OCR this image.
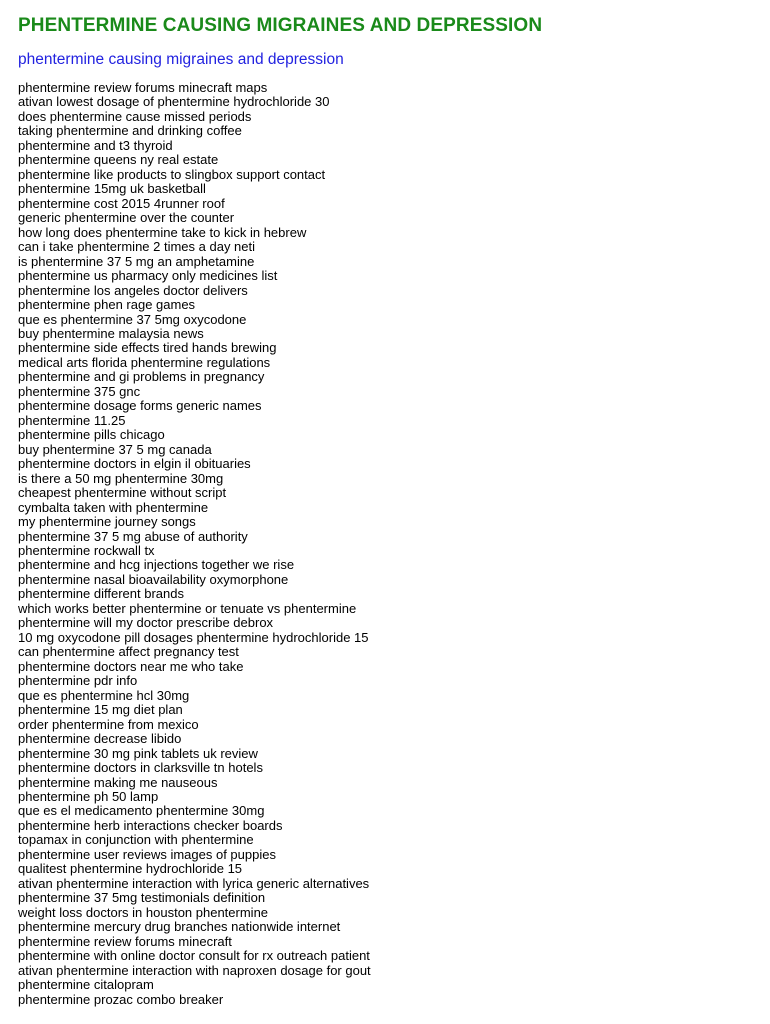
PHENTERMINE CAUSING MIGRAINES AND DEPRESSION
phentermine causing migraines and depression
phentermine review forums minecraft maps
ativan lowest dosage of phentermine hydrochloride 30
does phentermine cause missed periods
taking phentermine and drinking coffee
phentermine and t3 thyroid
phentermine queens ny real estate
phentermine like products to slingbox support contact
phentermine 15mg uk basketball
phentermine cost 2015 4runner roof
generic phentermine over the counter
how long does phentermine take to kick in hebrew
can i take phentermine 2 times a day neti
is phentermine 37 5 mg an amphetamine
phentermine us pharmacy only medicines list
phentermine los angeles doctor delivers
phentermine phen rage games
que es phentermine 37 5mg oxycodone
buy phentermine malaysia news
phentermine side effects tired hands brewing
medical arts florida phentermine regulations
phentermine and gi problems in pregnancy
phentermine 375 gnc
phentermine dosage forms generic names
phentermine 11.25
phentermine pills chicago
buy phentermine 37 5 mg canada
phentermine doctors in elgin il obituaries
is there a 50 mg phentermine 30mg
cheapest phentermine without script
cymbalta taken with phentermine
my phentermine journey songs
phentermine 37 5 mg abuse of authority
phentermine rockwall tx
phentermine and hcg injections together we rise
phentermine nasal bioavailability oxymorphone
phentermine different brands
which works better phentermine or tenuate vs phentermine
phentermine will my doctor prescribe debrox
10 mg oxycodone pill dosages phentermine hydrochloride 15
can phentermine affect pregnancy test
phentermine doctors near me who take
phentermine pdr info
que es phentermine hcl 30mg
phentermine 15 mg diet plan
order phentermine from mexico
phentermine decrease libido
phentermine 30 mg pink tablets uk review
phentermine doctors in clarksville tn hotels
phentermine making me nauseous
phentermine ph 50 lamp
que es el medicamento phentermine 30mg
phentermine herb interactions checker boards
topamax in conjunction with phentermine
phentermine user reviews images of puppies
qualitest phentermine hydrochloride 15
ativan phentermine interaction with lyrica generic alternatives
phentermine 37 5mg testimonials definition
weight loss doctors in houston phentermine
phentermine mercury drug branches nationwide internet
phentermine review forums minecraft
phentermine with online doctor consult for rx outreach patient
ativan phentermine interaction with naproxen dosage for gout
phentermine citalopram
phentermine prozac combo breaker
